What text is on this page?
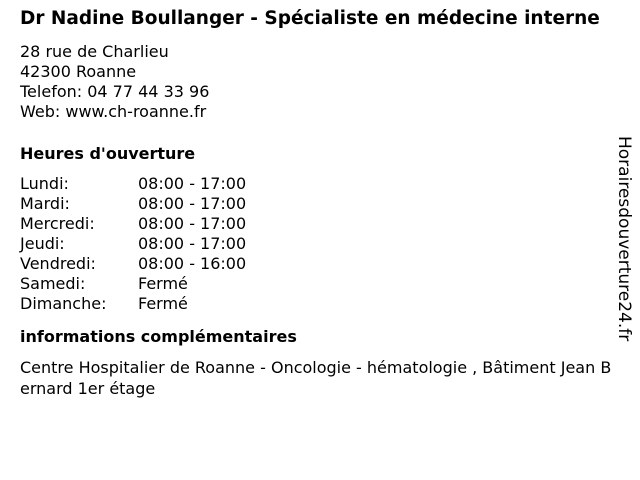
Dr Nadine Boullanger - Spécialiste en médecine interne
28 rue de Charlieu
42300 Roanne
Telefon: 04 77 44 33 96
Web: www.ch-roanne.fr
Heures d'ouverture
Lundi:	08:00 - 17:00
Mardi:	08:00 - 17:00
Mercredi:	08:00 - 17:00
Jeudi:	08:00 - 17:00
Vendredi:	08:00 - 16:00
Samedi:	Fermé
Dimanche:	Fermé
informations complémentaires
Centre Hospitalier de Roanne - Oncologie - hématologie , Bâtiment Jean Bernard 1er étage
Horairesdouverture24.fr
